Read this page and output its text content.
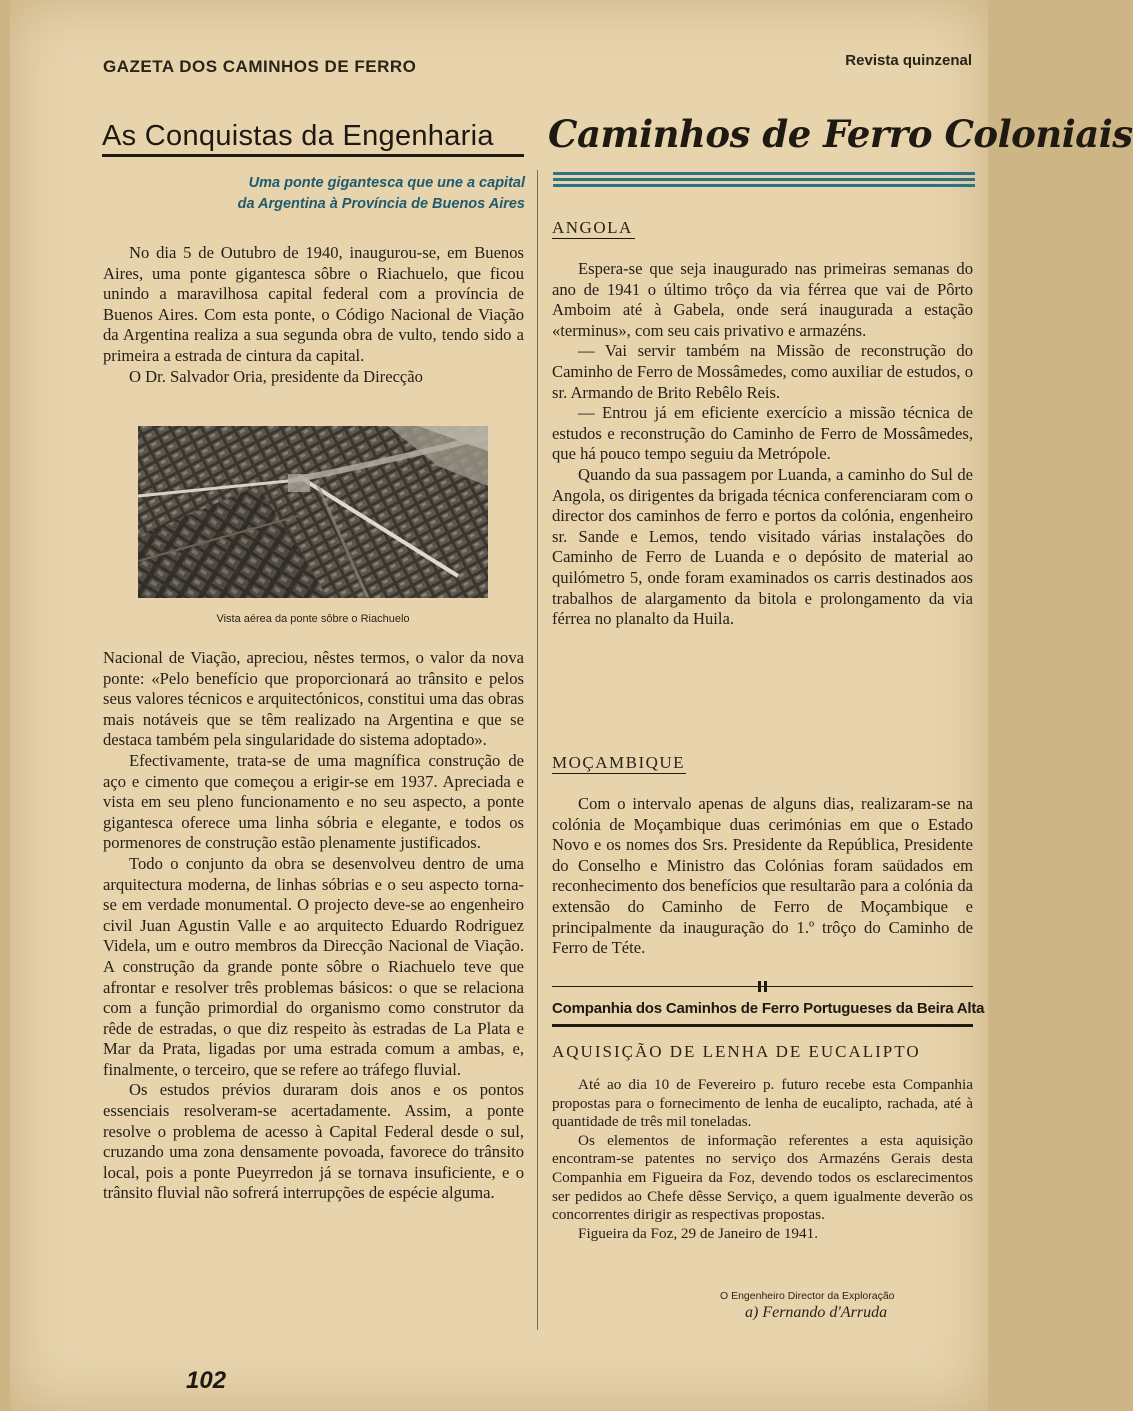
GAZETA DOS CAMINHOS DE FERRO	Revista quinzenal
As Conquistas da Engenharia
Uma ponte gigantesca que une a capital
da Argentina à Província de Buenos Aires

No dia 5 de Outubro de 1940, inaugurou-se, em Buenos Aires, uma ponte gigantesca sôbre o Riachuelo, que ficou unindo a maravilhosa capital federal com a província de Buenos Aires. Com esta ponte, o Código Nacional de Viação da Argentina realiza a sua segunda obra de vulto, tendo sido a primeira a estrada de cintura da capital.

O Dr. Salvador Oria, presidente da Direcção

Vista aérea da ponte sôbre o Riachuelo

Nacional de Viação, apreciou, nêstes termos, o valor da nova ponte: «Pelo benefício que proporcionará ao trânsito e pelos seus valores técnicos e arquitectónicos, constitui uma das obras mais notáveis que se têm realizado na Argentina e que se destaca também pela singularidade do sistema adoptado».

Efectivamente, trata-se de uma magnífica construção de aço e cimento que começou a erigir-se em 1937. Apreciada e vista em seu pleno funcionamento e no seu aspecto, a ponte gigantesca oferece uma linha sóbria e elegante, e todos os pormenores de construção estão plenamente justificados.

Todo o conjunto da obra se desenvolveu dentro de uma arquitectura moderna, de linhas sóbrias e o seu aspecto torna-se em verdade monumental. O projecto deve-se ao engenheiro civil Juan Agustin Valle e ao arquitecto Eduardo Rodriguez Videla, um e outro membros da Direcção Nacional de Viação. A construção da grande ponte sôbre o Riachuelo teve que afrontar e resolver três problemas básicos: o que se relaciona com a função primordial do organismo como construtor da rêde de estradas, o que diz respeito às estradas de La Plata e Mar da Prata, ligadas por uma estrada comum a ambas, e, finalmente, o terceiro, que se refere ao tráfego fluvial.

Os estudos prévios duraram dois anos e os pontos essenciais resolveram-se acertadamente. Assim, a ponte resolve o problema de acesso à Capital Federal desde o sul, cruzando uma zona densamente povoada, favorece do trânsito local, pois a ponte Pueyrredon já se tornava insuficiente, e o trânsito fluvial não sofrerá interrupções de espécie alguma.

Caminhos de Ferro Coloniais
ANGOLA

Espera-se que seja inaugurado nas primeiras semanas do ano de 1941 o último trôço da via férrea que vai de Pôrto Amboim até à Gabela, onde será inaugurada a estação «terminus», com seu cais privativo e armazéns.

— Vai servir também na Missão de reconstrução do Caminho de Ferro de Mossâmedes, como auxiliar de estudos, o sr. Armando de Brito Rebêlo Reis.

— Entrou já em eficiente exercício a missão técnica de estudos e reconstrução do Caminho de Ferro de Mossâmedes, que há pouco tempo seguiu da Metrópole.

Quando da sua passagem por Luanda, a caminho do Sul de Angola, os dirigentes da brigada técnica conferenciaram com o director dos caminhos de ferro e portos da colónia, engenheiro sr. Sande e Lemos, tendo visitado várias instalações do Caminho de Ferro de Luanda e o depósito de material ao quilómetro 5, onde foram examinados os carris destinados aos trabalhos de alargamento da bitola e prolongamento da via férrea no planalto da Huila.

MOÇAMBIQUE

Com o intervalo apenas de alguns dias, realizaram-se na colónia de Moçambique duas cerimónias em que o Estado Novo e os nomes dos Srs. Presidente da República, Presidente do Conselho e Ministro das Colónias foram saüdados em reconhecimento dos benefícios que resultarão para a colónia da extensão do Caminho de Ferro de Moçambique e principalmente da inauguração do 1.º trôço do Caminho de Ferro de Téte.

Companhia dos Caminhos de Ferro Portugueses da Beira Alta
AQUISIÇÃO DE LENHA DE EUCALIPTO

Até ao dia 10 de Fevereiro p. futuro recebe esta Companhia propostas para o fornecimento de lenha de eucalipto, rachada, até à quantidade de três mil toneladas.

Os elementos de informação referentes a esta aquisição encontram-se patentes no serviço dos Armazéns Gerais desta Companhia em Figueira da Foz, devendo todos os esclarecimentos ser pedidos ao Chefe dêsse Serviço, a quem igualmente deverão os concorrentes dirigir as respectivas propostas.

Figueira da Foz, 29 de Janeiro de 1941.

O Engenheiro Director da Exploração
a) Fernando d'Arruda
102
